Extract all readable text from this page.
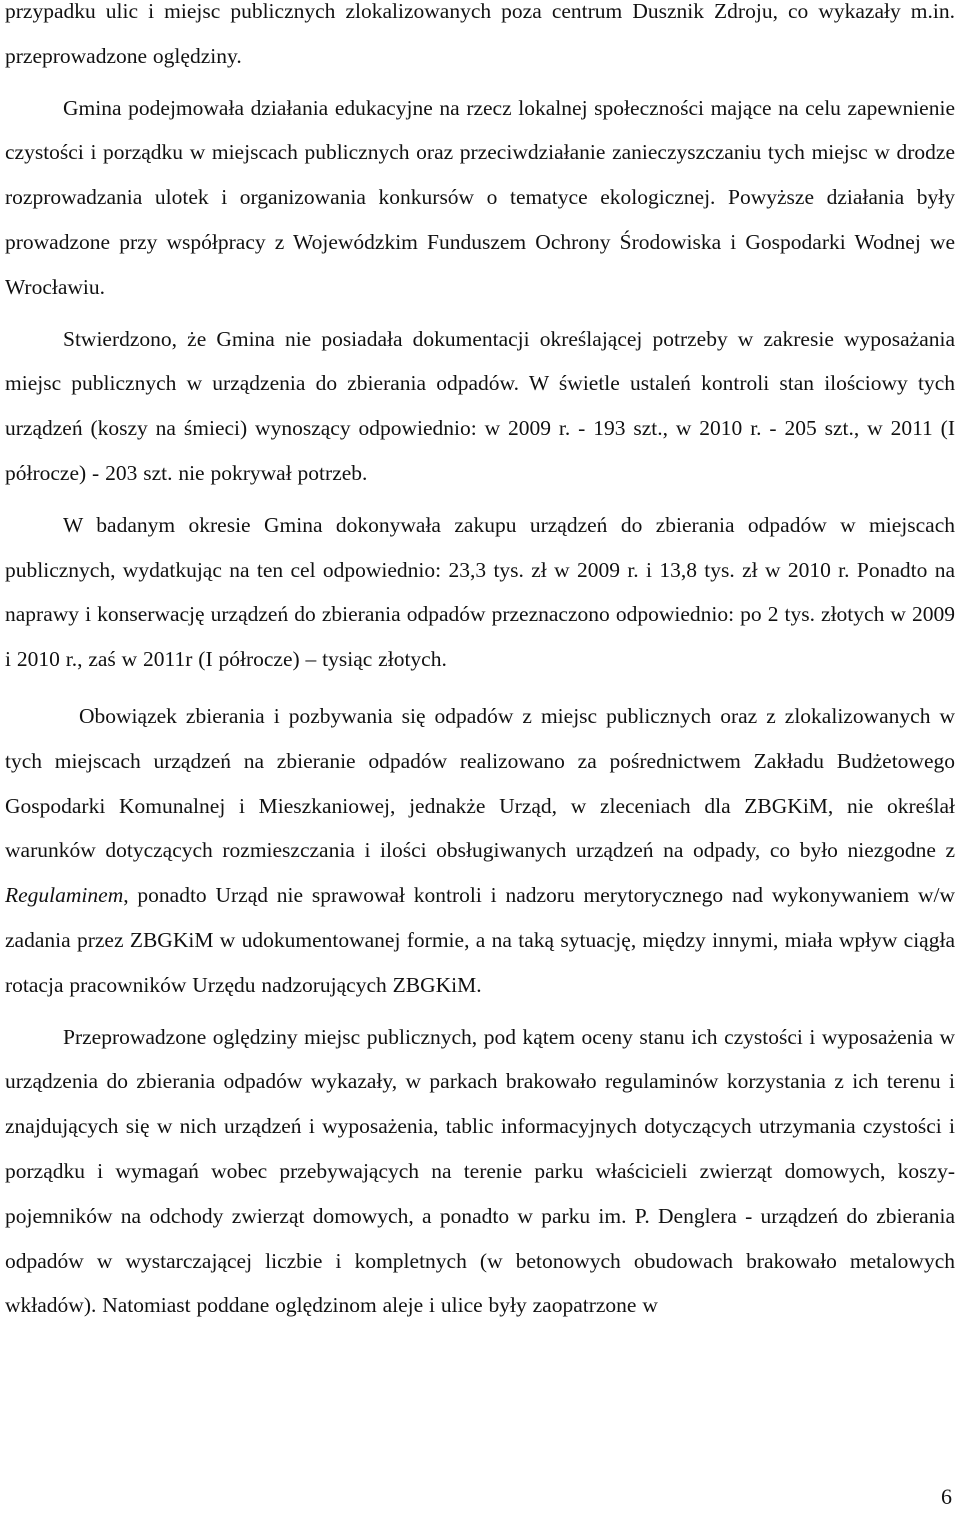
przypadku ulic i miejsc publicznych zlokalizowanych poza centrum Dusznik Zdroju, co wykazały m.in. przeprowadzone oględziny.

Gmina podejmowała działania edukacyjne na rzecz lokalnej społeczności mające na celu zapewnienie czystości i porządku w miejscach publicznych oraz przeciwdziałanie zanieczyszczaniu tych miejsc w drodze rozprowadzania ulotek i organizowania konkursów o tematyce ekologicznej. Powyższe działania były prowadzone przy współpracy z Wojewódzkim Funduszem Ochrony Środowiska i Gospodarki Wodnej we Wrocławiu.

Stwierdzono, że Gmina nie posiadała dokumentacji określającej potrzeby w zakresie wyposażania miejsc publicznych w urządzenia do zbierania odpadów. W świetle ustaleń kontroli stan ilościowy tych urządzeń (koszy na śmieci) wynoszący odpowiednio: w 2009 r. - 193 szt., w 2010 r. - 205 szt., w 2011 (I półrocze) - 203 szt. nie pokrywał potrzeb.

W badanym okresie Gmina dokonywała zakupu urządzeń do zbierania odpadów w miejscach publicznych, wydatkując na ten cel odpowiednio: 23,3 tys. zł w 2009 r. i 13,8 tys. zł w 2010 r. Ponadto na naprawy i konserwację urządzeń do zbierania odpadów przeznaczono odpowiednio: po 2 tys. złotych w 2009 i 2010 r., zaś w 2011r (I półrocze) – tysiąc złotych.

Obowiązek zbierania i pozbywania się odpadów z miejsc publicznych oraz z zlokalizowanych w tych miejscach urządzeń na zbieranie odpadów realizowano za pośrednictwem Zakładu Budżetowego Gospodarki Komunalnej i Mieszkaniowej, jednakże Urząd, w zleceniach dla ZBGKiM, nie określał warunków dotyczących rozmieszczania i ilości obsługiwanych urządzeń na odpady, co było niezgodne z Regulaminem, ponadto Urząd nie sprawował kontroli i nadzoru merytorycznego nad wykonywaniem w/w zadania przez ZBGKiM w udokumentowanej formie, a na taką sytuację, między innymi, miała wpływ ciągła rotacja pracowników Urzędu nadzorujących ZBGKiM.

Przeprowadzone oględziny miejsc publicznych, pod kątem oceny stanu ich czystości i wyposażenia w urządzenia do zbierania odpadów wykazały, w parkach brakowało regulaminów korzystania z ich terenu i znajdujących się w nich urządzeń i wyposażenia, tablic informacyjnych dotyczących utrzymania czystości i porządku i wymagań wobec przebywających na terenie parku właścicieli zwierząt domowych, koszy-pojemników na odchody zwierząt domowych, a ponadto w parku im. P. Denglera - urządzeń do zbierania odpadów w wystarczającej liczbie i kompletnych (w betonowych obudowach brakowało metalowych wkładów). Natomiast poddane oględzinom aleje i ulice były zaopatrzone w

6
